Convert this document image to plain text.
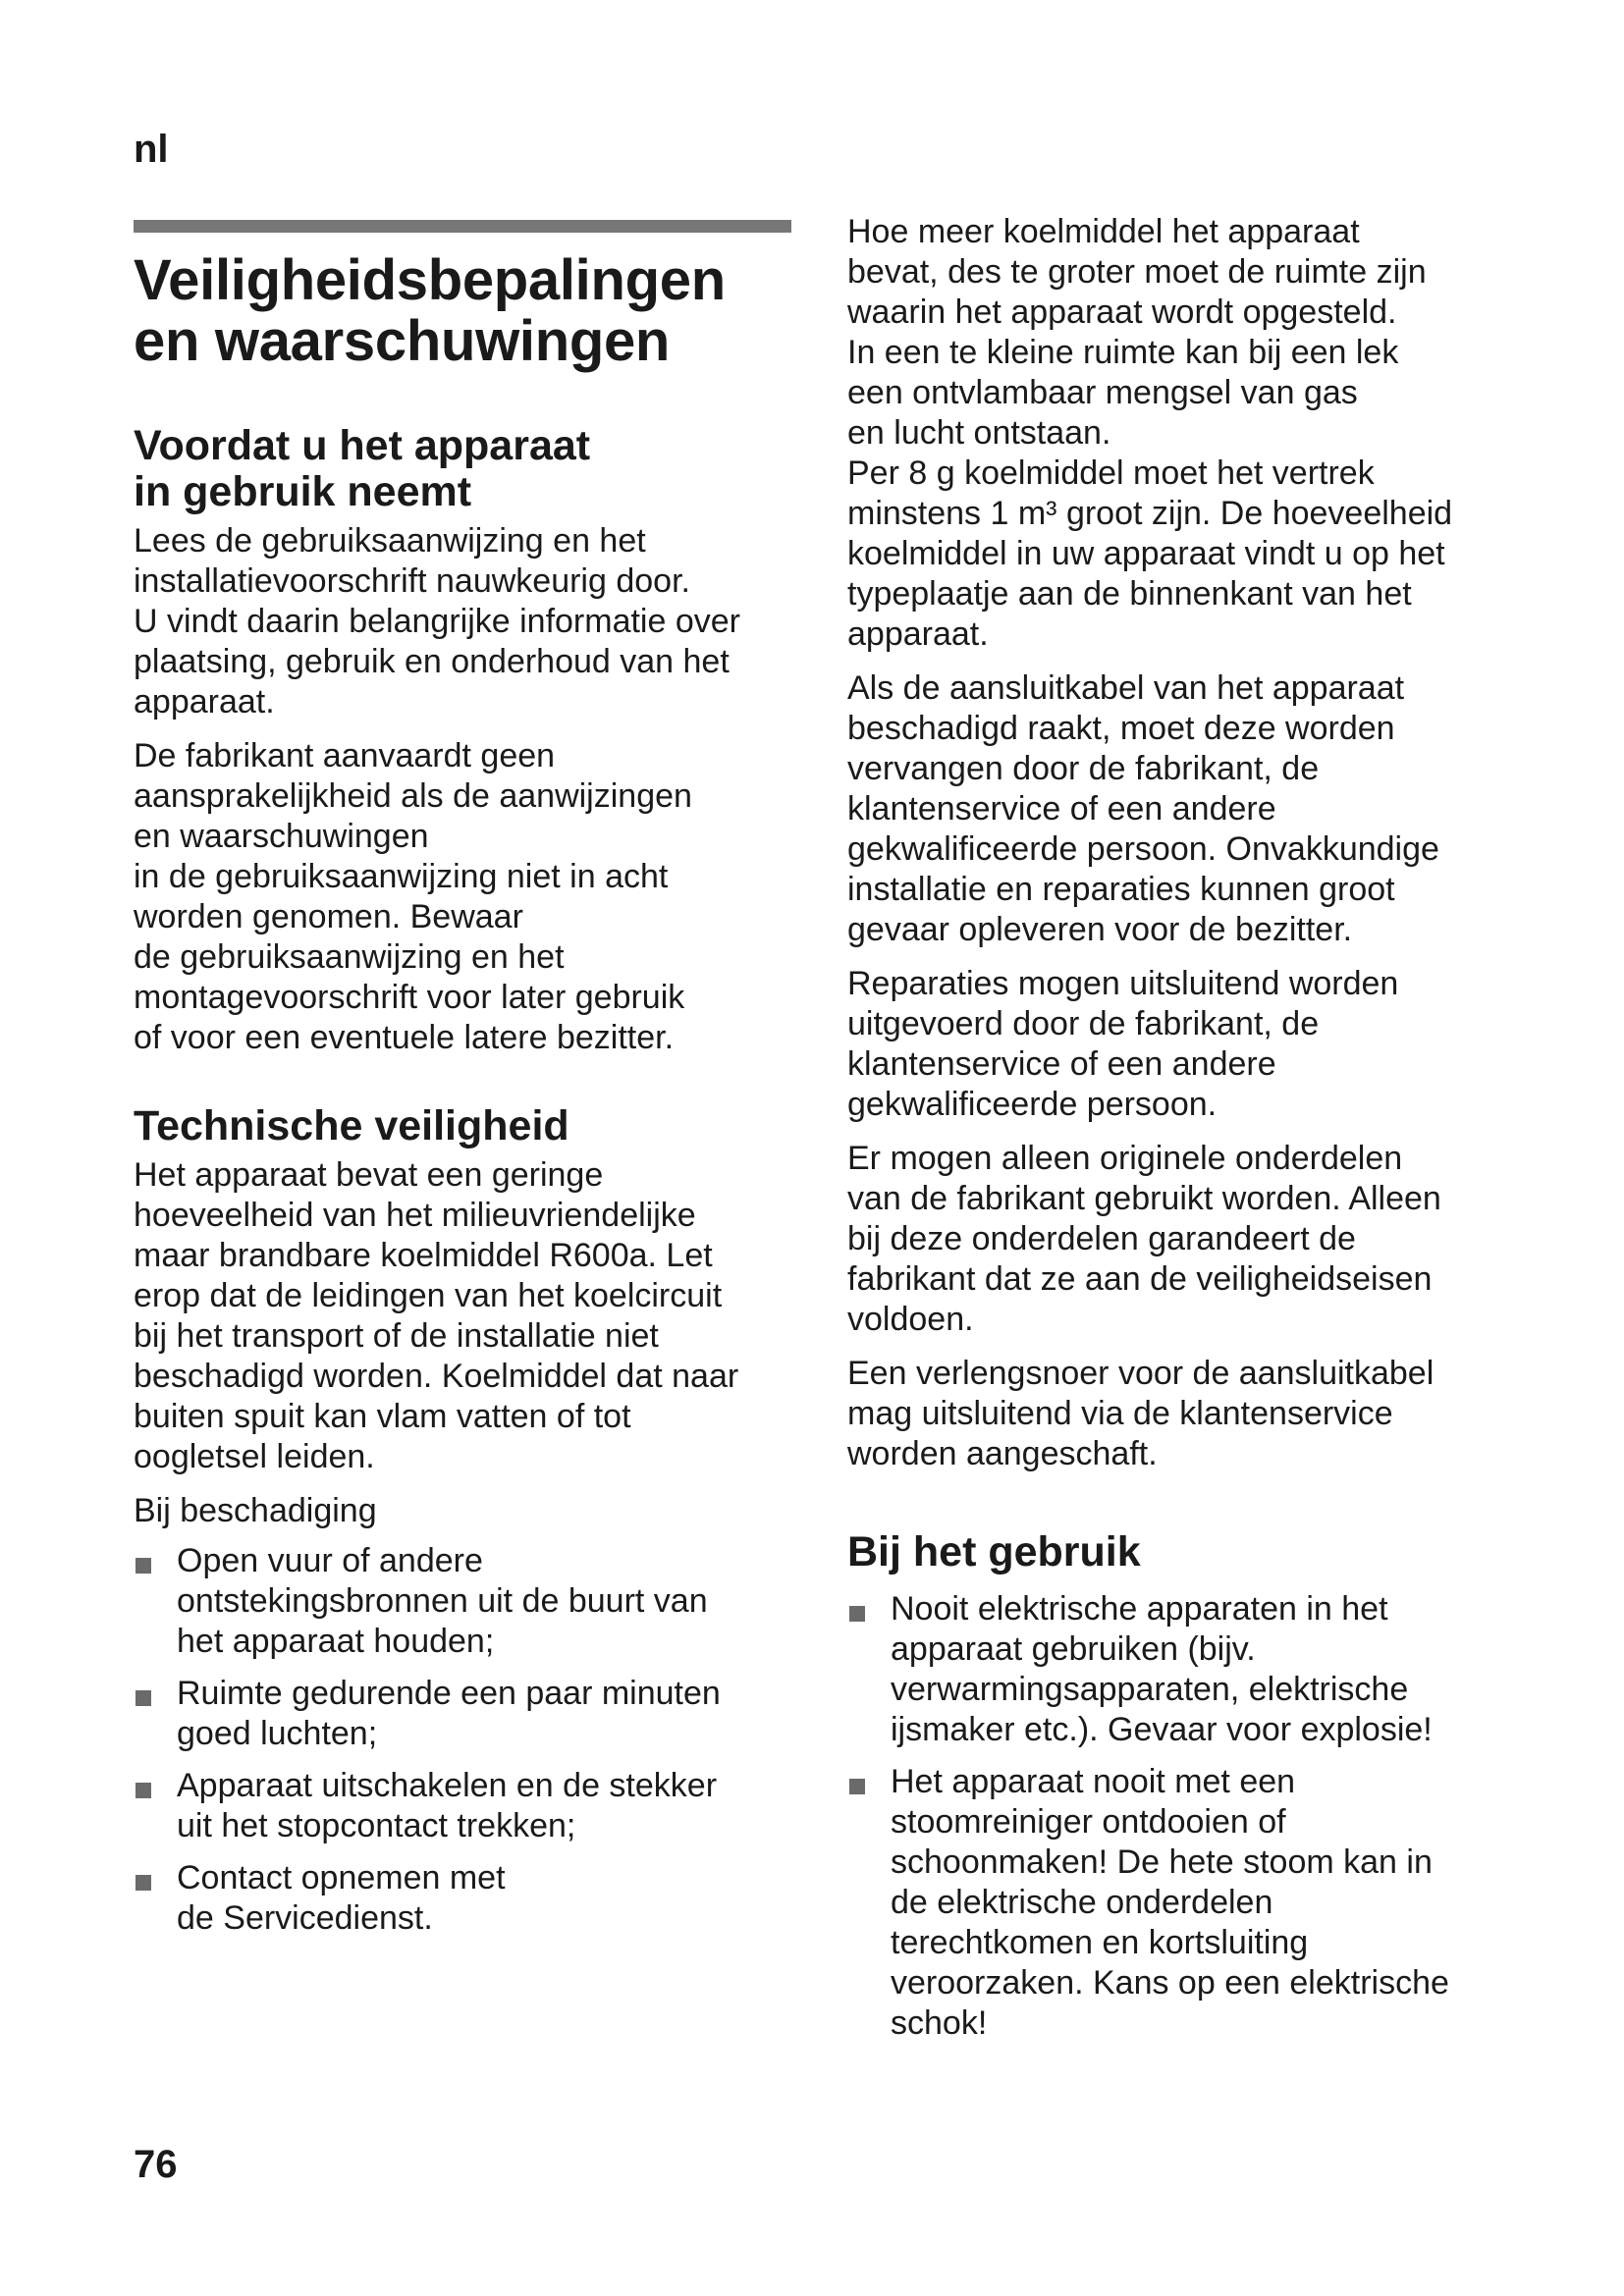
nl
Veiligheidsbepalingen
en waarschuwingen
Voordat u het apparaat
in gebruik neemt

Lees de gebruiksaanwijzing en het
installatievoorschrift nauwkeurig door.
U vindt daarin belangrijke informatie over
plaatsing, gebruik en onderhoud van het
apparaat.

De fabrikant aanvaardt geen
aansprakelijkheid als de aanwijzingen
en waarschuwingen
in de gebruiksaanwijzing niet in acht
worden genomen. Bewaar
de gebruiksaanwijzing en het
montagevoorschrift voor later gebruik
of voor een eventuele latere bezitter.

Technische veiligheid

Het apparaat bevat een geringe
hoeveelheid van het milieuvriendelijke
maar brandbare koelmiddel R600a. Let
erop dat de leidingen van het koelcircuit
bij het transport of de installatie niet
beschadigd worden. Koelmiddel dat naar
buiten spuit kan vlam vatten of tot
oogletsel leiden.

Bij beschadiging

Open vuur of andere
ontstekingsbronnen uit de buurt van
het apparaat houden;
Ruimte gedurende een paar minuten
goed luchten;
Apparaat uitschakelen en de stekker
uit het stopcontact trekken;
Contact opnemen met
de Servicedienst.

Hoe meer koelmiddel het apparaat
bevat, des te groter moet de ruimte zijn
waarin het apparaat wordt opgesteld.
In een te kleine ruimte kan bij een lek
een ontvlambaar mengsel van gas
en lucht ontstaan.
Per 8 g koelmiddel moet het vertrek
minstens 1 m³ groot zijn. De hoeveelheid
koelmiddel in uw apparaat vindt u op het
typeplaatje aan de binnenkant van het
apparaat.

Als de aansluitkabel van het apparaat
beschadigd raakt, moet deze worden
vervangen door de fabrikant, de
klantenservice of een andere
gekwalificeerde persoon. Onvakkundige
installatie en reparaties kunnen groot
gevaar opleveren voor de bezitter.

Reparaties mogen uitsluitend worden
uitgevoerd door de fabrikant, de
klantenservice of een andere
gekwalificeerde persoon.

Er mogen alleen originele onderdelen
van de fabrikant gebruikt worden. Alleen
bij deze onderdelen garandeert de
fabrikant dat ze aan de veiligheidseisen
voldoen.

Een verlengsnoer voor de aansluitkabel
mag uitsluitend via de klantenservice
worden aangeschaft.

Bij het gebruik
Nooit elektrische apparaten in het
apparaat gebruiken (bijv.
verwarmingsapparaten, elektrische
ijsmaker etc.). Gevaar voor explosie!
Het apparaat nooit met een
stoomreiniger ontdooien of
schoonmaken! De hete stoom kan in
de elektrische onderdelen
terechtkomen en kortsluiting
veroorzaken. Kans op een elektrische
schok!
76
